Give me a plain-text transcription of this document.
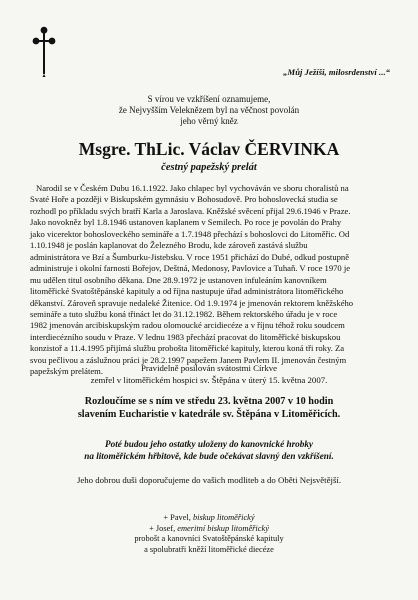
„Můj Ježíši, milosrdenství ...“
S vírou ve vzkříšení oznamujeme,
že Nejvyšším Veleknězem byl na věčnost povolán
jeho věrný kněz
Msgre. ThLic. Václav ČERVINKA
čestný papežský prelát
Narodil se v Českém Dubu 16.1.1922. Jako chlapec byl vychováván ve sboru choralistů na
Svaté Hoře a později v Biskupském gymnásiu v Bohosudově. Pro bohoslovecká studia se
rozhodl po příkladu svých bratří Karla a Jaroslava. Kněžské svěcení přijal 29.6.1946 v Praze.
Jako novokněz byl 1.8.1946 ustanoven kaplanem v Semilech. Po roce je povolán do Prahy
jako vicerektor bohosloveckého semináře a 1.7.1948 přechází s bohoslovci do Litoměřic. Od
1.10.1948 je poslán kaplanovat do Železného Brodu, kde zároveň zastává službu
administrátora ve Bzí a Šumburku-Jistebsku. V roce 1951 přichází do Dubé, odkud postupně
administruje i okolní farnosti Bořejov, Deštná, Medonosy, Pavlovice a Tuhaň. V roce 1970 je
mu udělen titul osobního děkana. Dne 28.9.1972 je ustanoven infuleáním kanovníkem
litoměřické Svatoštěpánské kapituly a od října nastupuje úřad administrátora litoměřického
děkanství. Zároveň spravuje nedaleké Žitenice. Od 1.9.1974 je jmenován rektorem kněžského
semináře a tuto službu koná třináct let do 31.12.1982. Během rektorského úřadu je v roce
1982 jmenován arcibiskupským radou olomoucké arcidiecéze a v říjnu téhož roku soudcem
interdiecézního soudu v Praze. V lednu 1983 přechází pracovat do litoměřické biskupskou
konzistoř a 11.4.1995 přijímá službu probošta litoměřické kapituly, kterou koná tři roky. Za
svou pečlivou a záslužnou práci je 28.2.1997 papežem Janem Pavlem II. jmenován čestným
papežským prelátem.	Pravidelně posilován svátostmi Církve
zemřel v litoměřickém hospici sv. Štěpána v úterý 15. května 2007.
Rozloučíme se s ním ve středu 23. května 2007 v 10 hodin
slavením Eucharistie v katedrále sv. Štěpána v Litoměřicích.
Poté budou jeho ostatky uloženy do kanovnické hrobky
na litoměřickém hřbitově, kde bude očekávat slavný den vzkříšení.
Jeho dobrou duši doporučujeme do vašich modliteb a do Oběti Nejsvětější.
+ Pavel, biskup litoměřický
+ Josef, emeritní biskup litoměřický
probošt a kanovníci Svatoštěpánské kapituly
a spolubratři kněží litoměřické diecéze
